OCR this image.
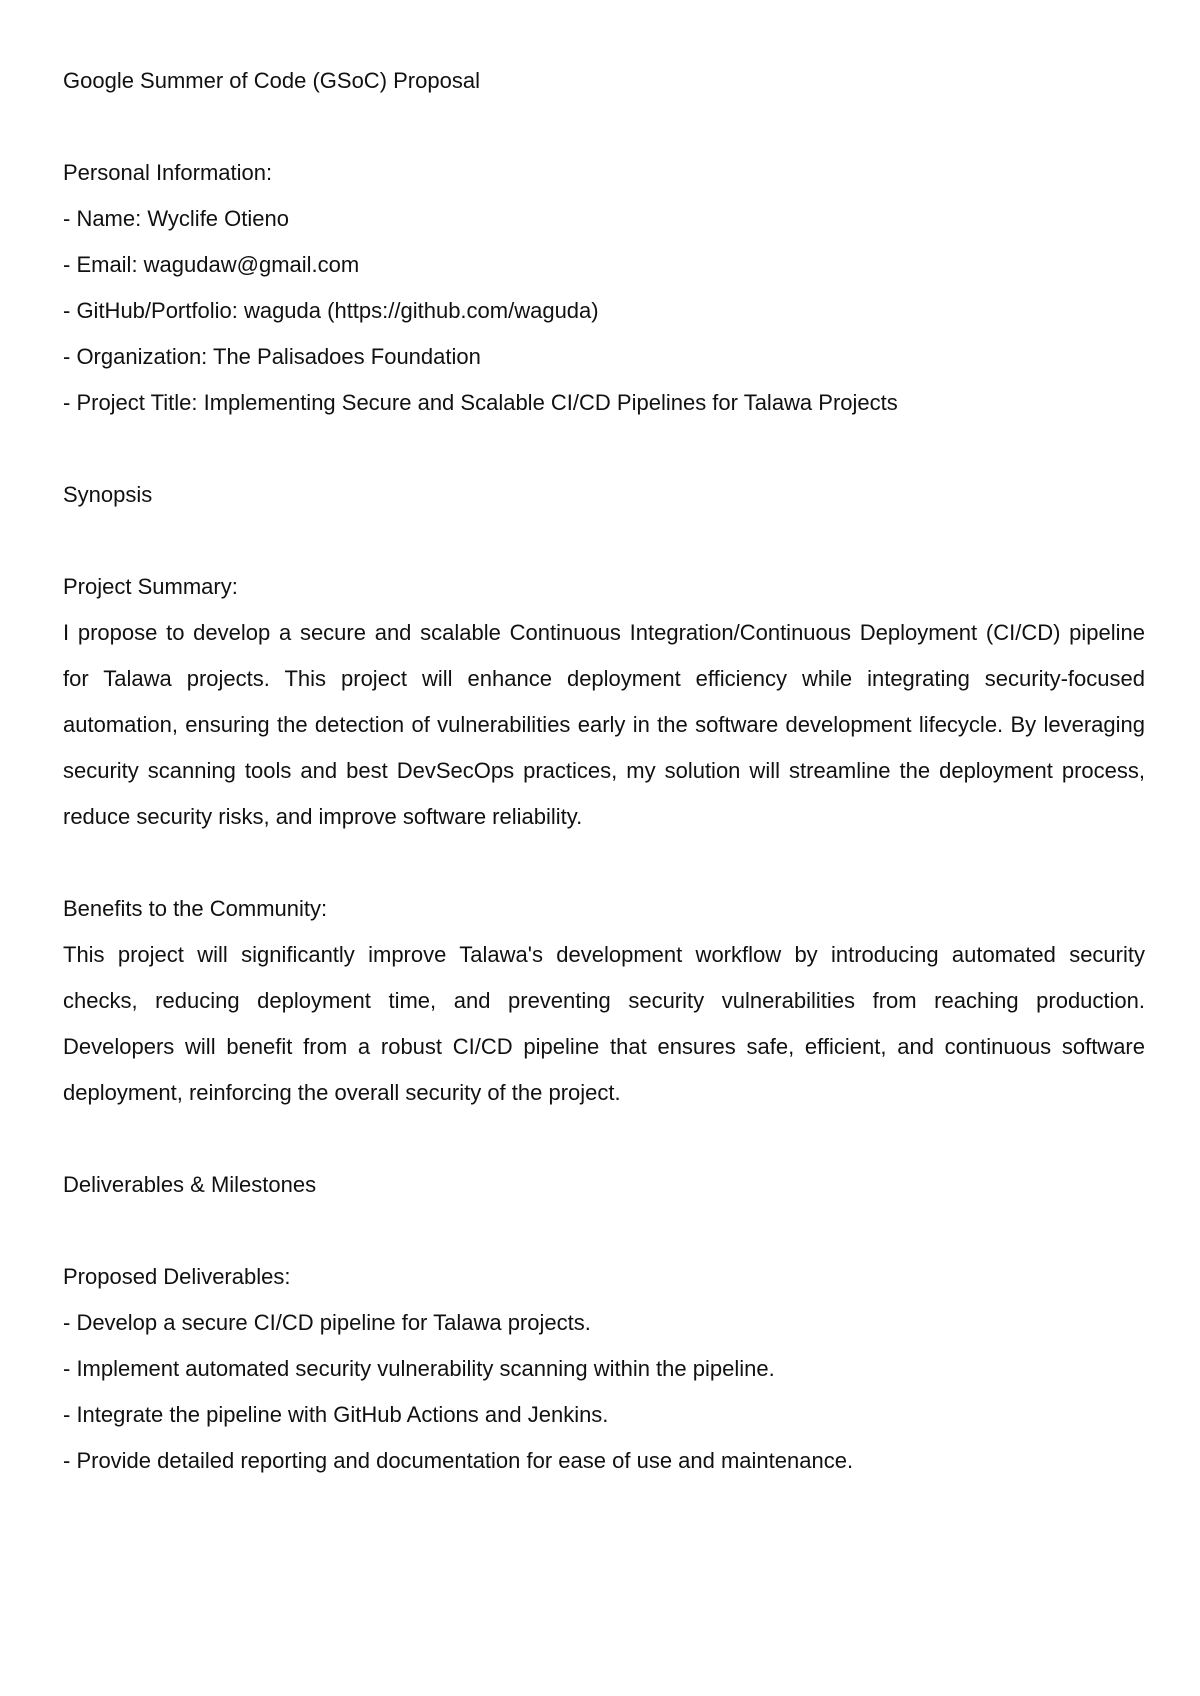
Google Summer of Code (GSoC) Proposal
Personal Information:
- Name: Wyclife Otieno
- Email: wagudaw@gmail.com
- GitHub/Portfolio: waguda (https://github.com/waguda)
- Organization: The Palisadoes Foundation
- Project Title: Implementing Secure and Scalable CI/CD Pipelines for Talawa Projects
Synopsis
Project Summary:

I propose to develop a secure and scalable Continuous Integration/Continuous Deployment (CI/CD) pipeline for Talawa projects. This project will enhance deployment efficiency while integrating security-focused automation, ensuring the detection of vulnerabilities early in the software development lifecycle. By leveraging security scanning tools and best DevSecOps practices, my solution will streamline the deployment process, reduce security risks, and improve software reliability.

Benefits to the Community:

This project will significantly improve Talawa's development workflow by introducing automated security checks, reducing deployment time, and preventing security vulnerabilities from reaching production. Developers will benefit from a robust CI/CD pipeline that ensures safe, efficient, and continuous software deployment, reinforcing the overall security of the project.

Deliverables & Milestones
Proposed Deliverables:
- Develop a secure CI/CD pipeline for Talawa projects.
- Implement automated security vulnerability scanning within the pipeline.
- Integrate the pipeline with GitHub Actions and Jenkins.
- Provide detailed reporting and documentation for ease of use and maintenance.
